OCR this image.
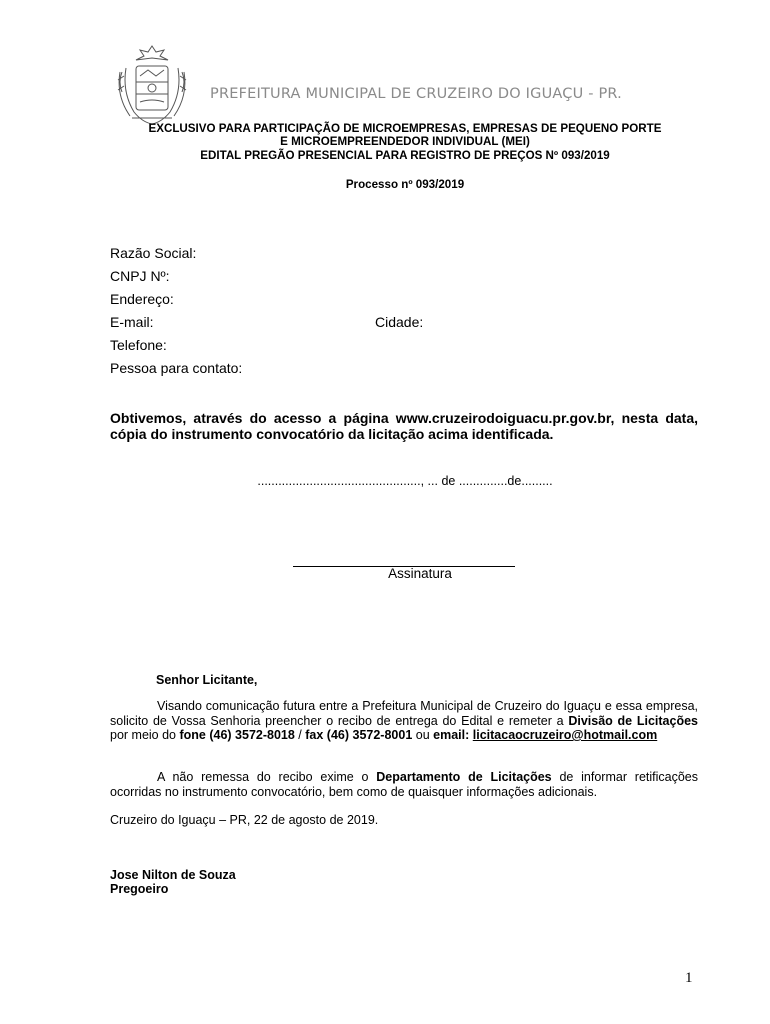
PREFEITURA MUNICIPAL DE CRUZEIRO DO IGUAÇU - PR.
EXCLUSIVO PARA PARTICIPAÇÃO DE MICROEMPRESAS, EMPRESAS DE PEQUENO PORTE
E MICROEMPREENDEDOR INDIVIDUAL (MEI)
EDITAL PREGÃO PRESENCIAL PARA REGISTRO DE PREÇOS Nº 093/2019
Processo nº 093/2019
Razão Social:
CNPJ Nº:
Endereço:
E-mail:	Cidade:
Telefone:
Pessoa para contato:
Obtivemos, através do acesso a página www.cruzeirodoiguacu.pr.gov.br, nesta data, cópia do instrumento convocatório da licitação acima identificada.
..............................................., ... de ..............de.........
Assinatura
Senhor Licitante,
Visando comunicação futura entre a Prefeitura Municipal de Cruzeiro do Iguaçu e essa empresa, solicito de Vossa Senhoria preencher o recibo de entrega do Edital e remeter a Divisão de Licitações por meio do fone (46) 3572-8018 / fax (46) 3572-8001 ou email: licitacaocruzeiro@hotmail.com
A não remessa do recibo exime o Departamento de Licitações de informar retificações ocorridas no instrumento convocatório, bem como de quaisquer informações adicionais.
Cruzeiro do Iguaçu – PR, 22 de agosto de 2019.
Jose Nilton de Souza
Pregoeiro
1
